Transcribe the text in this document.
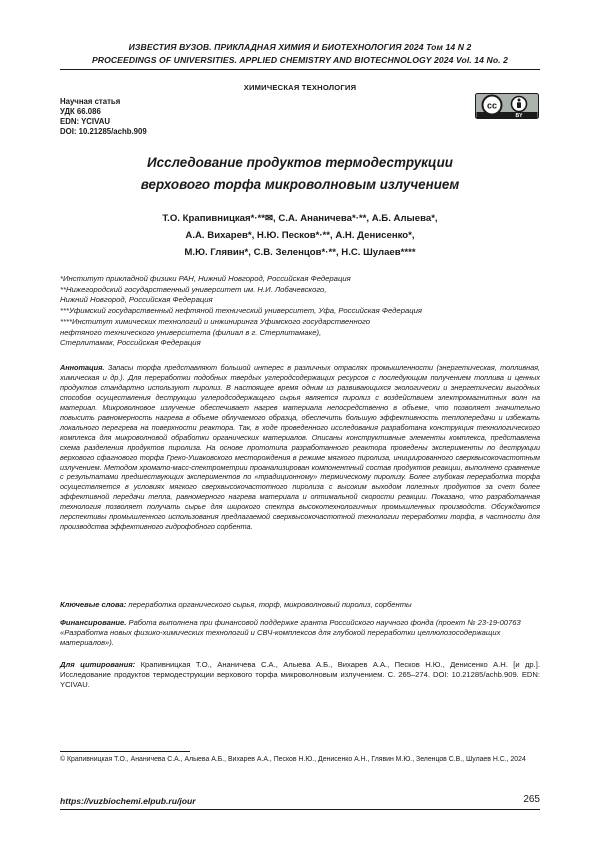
ИЗВЕСТИЯ ВУЗОВ. ПРИКЛАДНАЯ ХИМИЯ И БИОТЕХНОЛОГИЯ 2024 Том 14 N 2
PROCEEDINGS OF UNIVERSITIES. APPLIED CHEMISTRY AND BIOTECHNOLOGY 2024 Vol. 14 No. 2
ХИМИЧЕСКАЯ ТЕХНОЛОГИЯ
Научная статья
УДК 66.086
EDN: YCIVAU
DOI: 10.21285/achb.909
cc
BY
Исследование продуктов термодеструкции
верхового торфа микроволновым излучением
Т.О. Крапивницкая*·**✉, С.А. Ананичева*·**, А.Б. Алыева*,
А.А. Вихарев*, Н.Ю. Песков*·**, А.Н. Денисенко*,
М.Ю. Глявин*, С.В. Зеленцов*·**, Н.С. Шулаев****
*Институт прикладной физики РАН, Нижний Новгород, Российская Федерация
**Нижегородский государственный университет им. Н.И. Лобачевского,
Нижний Новгород, Российская Федерация
***Уфимский государственный нефтяной технический университет, Уфа, Российская Федерация
****Институт химических технологий и инжиниринга Уфимского государственного
нефтяного технического университета (филиал в г. Стерлитамаке),
Стерлитамак, Российская Федерация
Аннотация. Запасы торфа представляют большой интерес в различных отраслях промышленности (энергетическая, топливная, химическая и др.). Для переработки подобных твердых углеродсодержащих ресурсов с последующим получением топлива и ценных продуктов стандартно используют пиролиз. В настоящее время одним из развивающихся экологически и энергетически выгодных способов осуществления деструкции углеродсодержащего сырья является пиролиз с воздействием электромагнитных волн на материал. Микроволновое излучение обеспечивает нагрев материала непосредственно в объеме, что позволяет значительно повысить равномерность нагрева в объеме облучаемого образца, обеспечить большую эффективность теплопередачи и избежать локального перегрева на поверхности реактора. Так, в ходе проведенного исследования разработана конструкция технологического комплекса для микроволновой обработки органических материалов. Описаны конструктивные элементы комплекса, представлена схема разделения продуктов пиролиза. На основе прототипа разработанного реактора проведены эксперименты по деструкции верхового сфагнового торфа Греко-Ушаковского месторождения в режиме мягкого пиролиза, инициированного сверхвысокочастотным излучением. Методом хромато-масс-спектрометрии проанализирован компонентный состав продуктов реакции, выполнено сравнение с результатами предшествующих экспериментов по «традиционному» термическому пиролизу. Более глубокая переработка торфа осуществляется в условиях мягкого сверхвысокочастотного пиролиза с высоким выходом полезных продуктов за счет более эффективной передачи тепла, равномерного нагрева материала и оптимальной скорости реакции. Показано, что разработанная технология позволяет получать сырье для широкого спектра высокотехнологичных промышленных производств. Обсуждаются перспективы промышленного использования предлагаемой сверхвысокочастотной технологии переработки торфа, в частности для производства эффективного гидрофобного сорбента.
Ключевые слова: переработка органического сырья, торф, микроволновый пиролиз, сорбенты
Финансирование. Работа выполнена при финансовой поддержке гранта Российского научного фонда (проект № 23-19-00763 «Разработка новых физико-химических технологий и СВЧ-комплексов для глубокой переработки целлюлозосодержащих материалов»).
Для цитирования: Крапивницкая Т.О., Ананичева С.А., Алыева А.Б., Вихарев А.А., Песков Н.Ю., Денисенко А.Н. [и др.]. Исследование продуктов термодеструкции верхового торфа микроволновым излучением. С. 265–274. DOI: 10.21285/achb.909. EDN: YCIVAU.
© Крапивницкая Т.О., Ананичева С.А., Алыева А.Б., Вихарев А.А., Песков Н.Ю., Денисенко А.Н., Глявин М.Ю., Зеленцов С.В., Шулаев Н.С., 2024
https://vuzbiochemi.elpub.ru/jour	265
